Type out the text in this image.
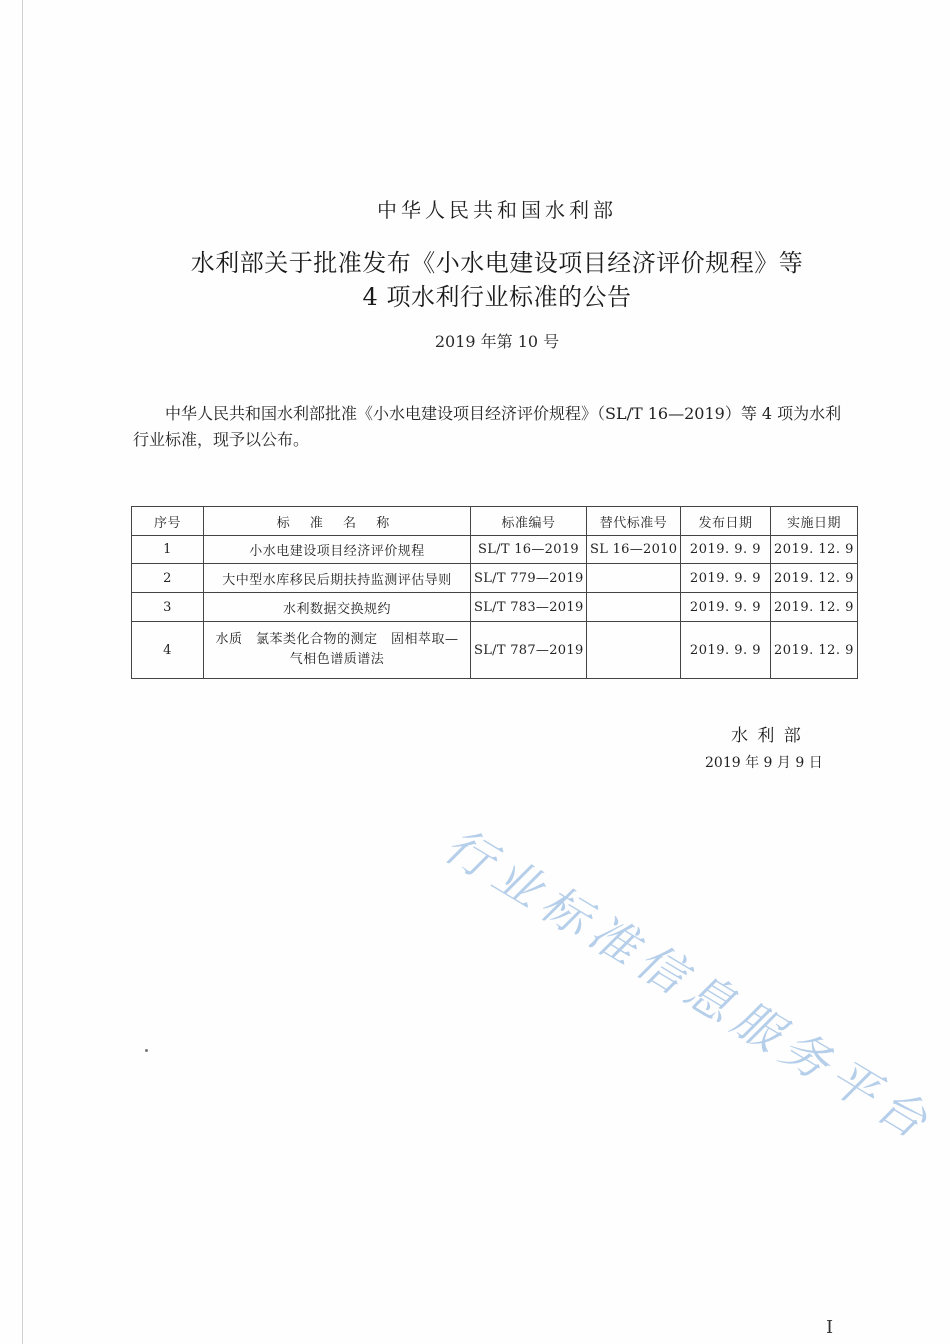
中华人民共和国水利部
水利部关于批准发布《小水电建设项目经济评价规程》等
4 项水利行业标准的公告
2019 年第 10 号
中华人民共和国水利部批准《小水电建设项目经济评价规程》（SL/T 16—2019）等 4 项为水利
行业标准，现予以公布。
序号	标 准 名 称	标准编号	替代标准号	发布日期	实施日期
1	小水电建设项目经济评价规程	SL/T 16—2019	SL 16—2010	2019. 9. 9	2019. 12. 9
2	大中型水库移民后期扶持监测评估导则	SL/T 779—2019		2019. 9. 9	2019. 12. 9
3	水利数据交换规约	SL/T 783—2019		2019. 9. 9	2019. 12. 9
4	水质　氯苯类化合物的测定　固相萃取—
气相色谱质谱法	SL/T 787—2019		2019. 9. 9	2019. 12. 9
水 利 部
2019 年 9 月 9 日
行业标准信息服务平台
I
